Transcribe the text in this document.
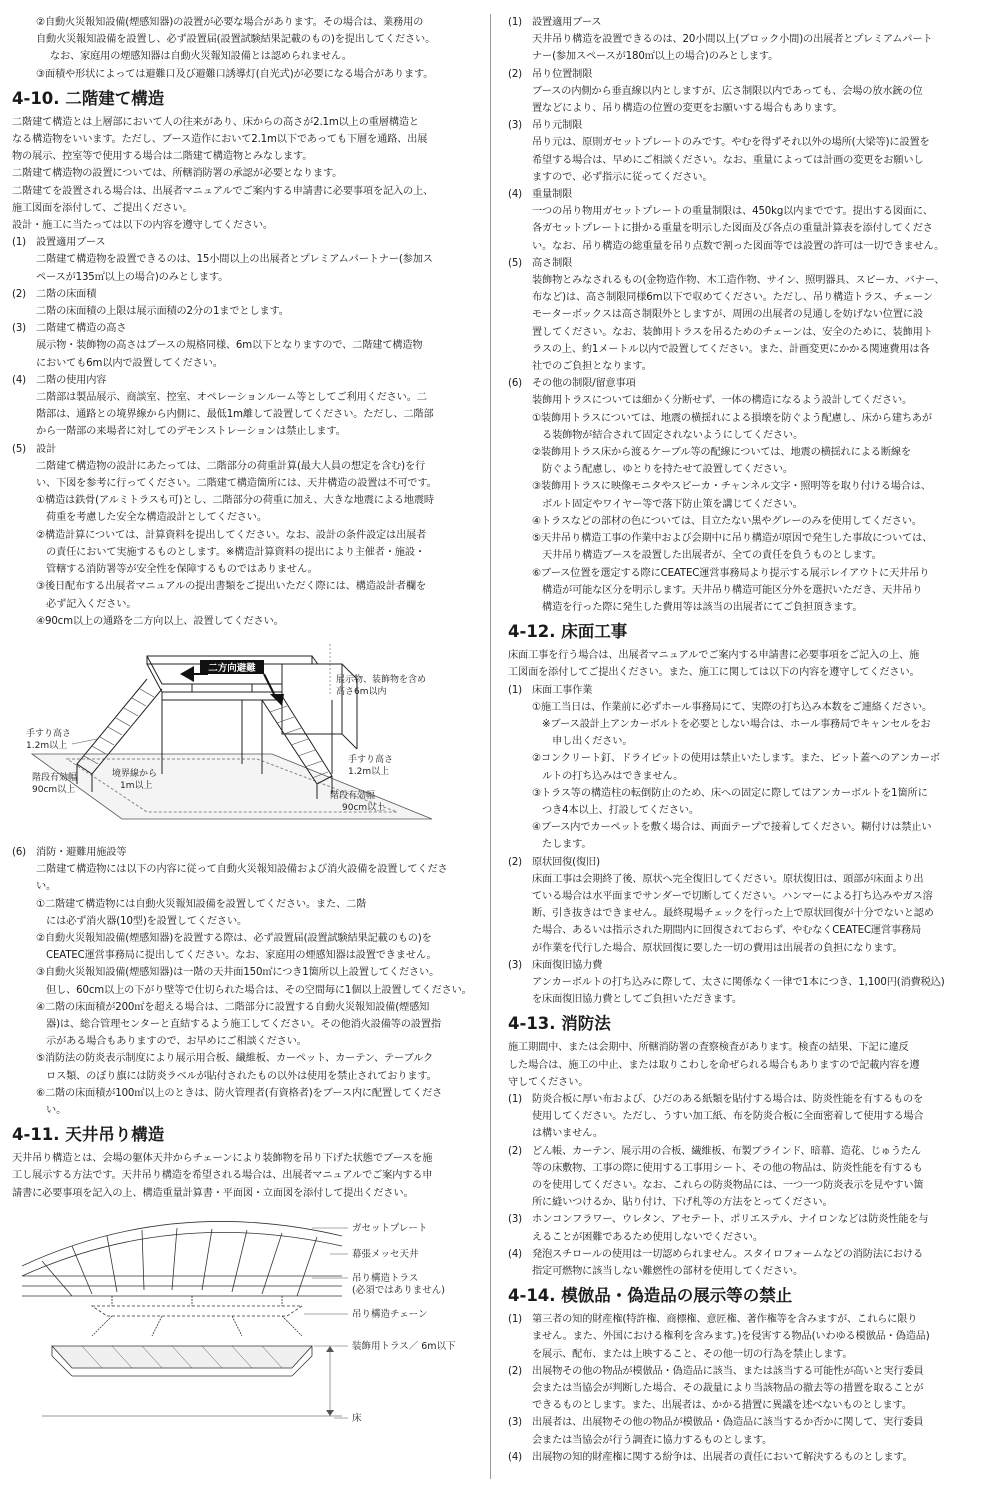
②自動火災報知設備(煙感知器)の設置が必要な場合があります。その場合は、業務用の
自動火災報知設備を設置し、必ず設置届(設置試験結果記載のもの)を提出してください。
なお、家庭用の煙感知器は自動火災報知設備とは認められません。
③面積や形状によっては避難口及び避難口誘導灯(自光式)が必要になる場合があります。
4-10. 二階建て構造
二階建て構造とは上層部において人の往来があり、床からの高さが2.1m以上の重層構造と
なる構造物をいいます。ただし、ブース造作において2.1m以下であっても下層を通路、出展
物の展示、控室等で使用する場合は二階建て構造物とみなします。
二階建て構造物の設置については、所轄消防署の承認が必要となります。
二階建てを設置される場合は、出展者マニュアルでご案内する申請書に必要事項を記入の上、
施工図面を添付して、ご提出ください。
設計・施工に当たっては以下の内容を遵守してください。
(1)　設置適用ブース
二階建て構造物を設置できるのは、15小間以上の出展者とプレミアムパートナー(参加ス
ペースが135㎡以上の場合)のみとします。
(2)　二階の床面積
二階の床面積の上限は展示面積の2分の1までとします。
(3)　二階建て構造の高さ
展示物・装飾物の高さはブースの規格同様、6m以下となりますので、二階建て構造物
においても6m以内で設置してください。
(4)　二階の使用内容
二階部は製品展示、商談室、控室、オペレーションルーム等としてご利用ください。二
階部は、通路との境界線から内側に、最低1m離して設置してください。ただし、二階部
から一階部の来場者に対してのデモンストレーションは禁止します。
(5)　設計
二階建て構造物の設計にあたっては、二階部分の荷重計算(最大人員の想定を含む)を行
い、下図を参考に行ってください。二階建て構造箇所には、天井構造の設置は不可です。
①構造は鉄骨(アルミトラスも可)とし、二階部分の荷重に加え、大きな地震による地震時
　荷重を考慮した安全な構造設計としてください。
②構造計算については、計算資料を提出してください。なお、設計の条件設定は出展者
　の責任において実施するものとします。※構造計算資料の提出により主催者・施設・
　管轄する消防署等が安全性を保障するものではありません。
③後日配布する出展者マニュアルの提出書類をご提出いただく際には、構造設計者欄を
　必ず記入ください。
④90cm以上の通路を二方向以上、設置してください。
二方向避難
展示物、装飾物を含め
高さ6m以内
手すり高さ
1.2m以上
階段有効幅
90cm以上
境界線から
1m以上
手すり高さ
1.2m以上
階段有効幅
90cm以上
(6)　消防・避難用施設等
二階建て構造物には以下の内容に従って自動火災報知設備および消火設備を設置してくださ
い。
①二階建て構造物には自動火災報知設備を設置してください。また、二階
　には必ず消火器(10型)を設置してください。
②自動火災報知設備(煙感知器)を設置する際は、必ず設置届(設置試験結果記載のもの)を
　CEATEC運営事務局に提出してください。なお、家庭用の煙感知器は設置できません。
③自動火災報知設備(煙感知器)は一階の天井面150㎡につき1箇所以上設置してください。
　但し、60cm以上の下がり壁等で仕切られた場合は、その空間毎に1個以上設置してください。
④二階の床面積が200㎡を超える場合は、二階部分に設置する自動火災報知設備(煙感知
　器)は、総合管理センターと直結するよう施工してください。その他消火設備等の設置指
　示がある場合もありますので、お早めにご相談ください。
⑤消防法の防炎表示制度により展示用合板、繊維板、カーペット、カーテン、テーブルク
　ロス類、のぼり旗には防炎ラベルが貼付されたもの以外は使用を禁止されております。
⑥二階の床面積が100㎡以上のときは、防火管理者(有資格者)をブース内に配置してくださ
　い。
4-11. 天井吊り構造
天井吊り構造とは、会場の躯体天井からチェーンにより装飾物を吊り下げた状態でブースを施
工し展示する方法です。天井吊り構造を希望される場合は、出展者マニュアルでご案内する申
請書に必要事項を記入の上、構造重量計算書・平面図・立面図を添付して提出ください。
ガセットプレート
幕張メッセ天井
吊り構造トラス
(必須ではありません)
吊り構造チェーン
装飾用トラス／ 6m以下
床
(1)　設置適用ブース
天井吊り構造を設置できるのは、20小間以上(ブロック小間)の出展者とプレミアムパート
ナー(参加スペースが180㎡以上の場合)のみとします。
(2)　吊り位置制限
ブースの内側から垂直線以内としますが、広さ制限以内であっても、会場の放水銃の位
置などにより、吊り構造の位置の変更をお願いする場合もあります。
(3)　吊り元制限
吊り元は、原則ガセットプレートのみです。やむを得ずそれ以外の場所(大梁等)に設置を
希望する場合は、早めにご相談ください。なお、重量によっては計画の変更をお願いし
ますので、必ず指示に従ってください。
(4)　重量制限
一つの吊り物用ガセットプレートの重量制限は、450kg以内までです。提出する図面に、
各ガセットプレートに掛かる重量を明示した図面及び各点の重量計算表を添付してくださ
い。なお、吊り構造の総重量を吊り点数で割った図面等では設置の許可は一切できません。
(5)　高さ制限
装飾物とみなされるもの(金物造作物、木工造作物、サイン、照明器具、スピーカ、バナー、
布など)は、高さ制限同様6m以下で収めてください。ただし、吊り構造トラス、チェーン
モーターボックスは高さ制限外としますが、周囲の出展者の見通しを妨げない位置に設
置してください。なお、装飾用トラスを吊るためのチェーンは、安全のために、装飾用ト
ラスの上、約1メートル以内で設置してください。また、計画変更にかかる関連費用は各
社でのご負担となります。
(6)　その他の制限/留意事項
装飾用トラスについては細かく分断せず、一体の構造になるよう設計してください。
①装飾用トラスについては、地震の横揺れによる損壊を防ぐよう配慮し、床から建ちあが
　る装飾物が結合されて固定されないようにしてください。
②装飾用トラス床から渡るケーブル等の配線については、地震の横揺れによる断線を
　防ぐよう配慮し、ゆとりを持たせて設置してください。
③装飾用トラスに映像モニタやスピーカ・チャンネル文字・照明等を取り付ける場合は、
　ボルト固定やワイヤー等で落下防止策を講じてください。
④トラスなどの部材の色については、目立たない黒やグレーのみを使用してください。
⑤天井吊り構造工事の作業中および会期中に吊り構造が原因で発生した事故については、
　天井吊り構造ブースを設置した出展者が、全ての責任を負うものとします。
⑥ブース位置を選定する際にCEATEC運営事務局より提示する展示レイアウトに天井吊り
　構造が可能な区分を明示します。天井吊り構造可能区分外を選択いただき、天井吊り
　構造を行った際に発生した費用等は該当の出展者にてご負担頂きます。
4-12. 床面工事
床面工事を行う場合は、出展者マニュアルでご案内する申請書に必要事項をご記入の上、施
工図面を添付してご提出ください。また、施工に関しては以下の内容を遵守してください。
(1)　床面工事作業
①施工当日は、作業前に必ずホール事務局にて、実際の打ち込み本数をご連絡ください。
　※ブース設計上アンカーボルトを必要としない場合は、ホール事務局でキャンセルをお
　　申し出ください。
②コンクリート釘、ドライピットの使用は禁止いたします。また、ピット蓋へのアンカーボ
　ルトの打ち込みはできません。
③トラス等の構造柱の転倒防止のため、床への固定に際してはアンカーボルトを1箇所に
　つき4本以上、打設してください。
④ブース内でカーペットを敷く場合は、両面テープで接着してください。糊付けは禁止い
　たします。
(2)　原状回復(復旧)
床面工事は会期終了後、原状へ完全復旧してください。原状復旧は、頭部が床面より出
ている場合は水平面までサンダーで切断してください。ハンマーによる打ち込みやガス溶
断、引き抜きはできません。最終現場チェックを行った上で原状回復が十分でないと認め
た場合、あるいは指示された期間内に回復されておらず、やむなくCEATEC運営事務局
が作業を代行した場合、原状回復に要した一切の費用は出展者の負担になります。
(3)　床面復旧協力費
アンカーボルトの打ち込みに際して、太さに関係なく一律で1本につき、1,100円(消費税込)
を床面復旧協力費としてご負担いただきます。
4-13. 消防法
施工期間中、または会期中、所轄消防署の査察検査があります。検査の結果、下記に違反
した場合は、施工の中止、または取りこわしを命ぜられる場合もありますので記載内容を遵
守してください。
(1)　 防炎合板に厚い布および、ひだのある紙類を貼付する場合は、防炎性能を有するものを
使用してください。ただし、うすい加工紙、布を防炎合板に全面密着して使用する場合
は構いません。
(2)　 どん帳、カーテン、展示用の合板、繊維板、布製ブラインド、暗幕、造花、じゅうたん
等の床敷物、工事の際に使用する工事用シート、その他の物品は、防炎性能を有するも
のを使用してください。なお、これらの防炎物品には、一つ一つ防炎表示を見やすい箇
所に縫いつけるか、貼り付け、下げ札等の方法をとってください。
(3)　 ホンコンフラワー、ウレタン、アセテート、ポリエステル、ナイロンなどは防炎性能を与
えることが困難であるため使用しないでください。
(4)　 発泡スチロールの使用は一切認められません。スタイロフォームなどの消防法における
指定可燃物に該当しない難燃性の部材を使用してください。
4-14. 模倣品・偽造品の展示等の禁止
(1)　 第三者の知的財産権(特許権、商標権、意匠権、著作権等を含みますが、これらに限り
ません。また、外国における権利を含みます。)を侵害する物品(いわゆる模倣品・偽造品)
を展示、配布、または上映すること、その他一切の行為を禁止します。
(2)　 出展物その他の物品が模倣品・偽造品に該当、または該当する可能性が高いと実行委員
会または当協会が判断した場合、その裁量により当該物品の撤去等の措置を取ることが
できるものとします。また、出展者は、かかる措置に異議を述べないものとします。
(3)　 出展者は、出展物その他の物品が模倣品・偽造品に該当するか否かに関して、実行委員
会または当協会が行う調査に協力するものとします。
(4)　 出展物の知的財産権に関する紛争は、出展者の責任において解決するものとします。
